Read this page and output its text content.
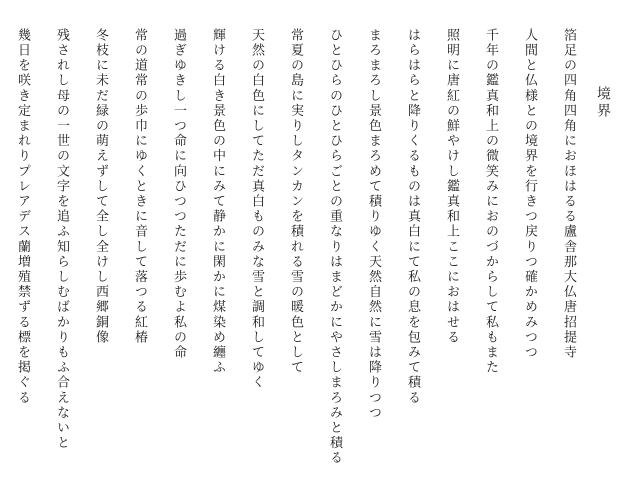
境界
箔足の四角四角におほはるる盧舎那大仏唐招提寺
人間と仏様との境界を行きつ戻りつ確かめみつつ
千年の鑑真和上の微笑みにおのづからして私もまた
照明に唐紅の鮮やけし鑑真和上ここにおはせる
はらはらと降りくるものは真白にて私の息を包みて積る
まろまろし景色まろめて積りゆく天然自然に雪は降りつつ
ひとひらのひとひらごとの重なりはまどかにやさしまろみと積る
常夏の島に実りしタンカンを積れる雪の暖色として
天然の白色にしてただ真白ものみな雪と調和してゆく
輝ける白き景色の中にみて静かに閑かに煤染め纏ふ
過ぎゆきし一つ命に向ひつつただに歩むよ私の命
常の道常の歩巾にゆくときに音して落つる紅椿
冬枝に未だ緑の萌えずして全し全けし西郷銅像
残されし母の一世の文字を追ふ知らしむばかりもふ合えないと
幾日を咲き定まれりプレアデス蘭増殖禁ずる標を掲ぐる
